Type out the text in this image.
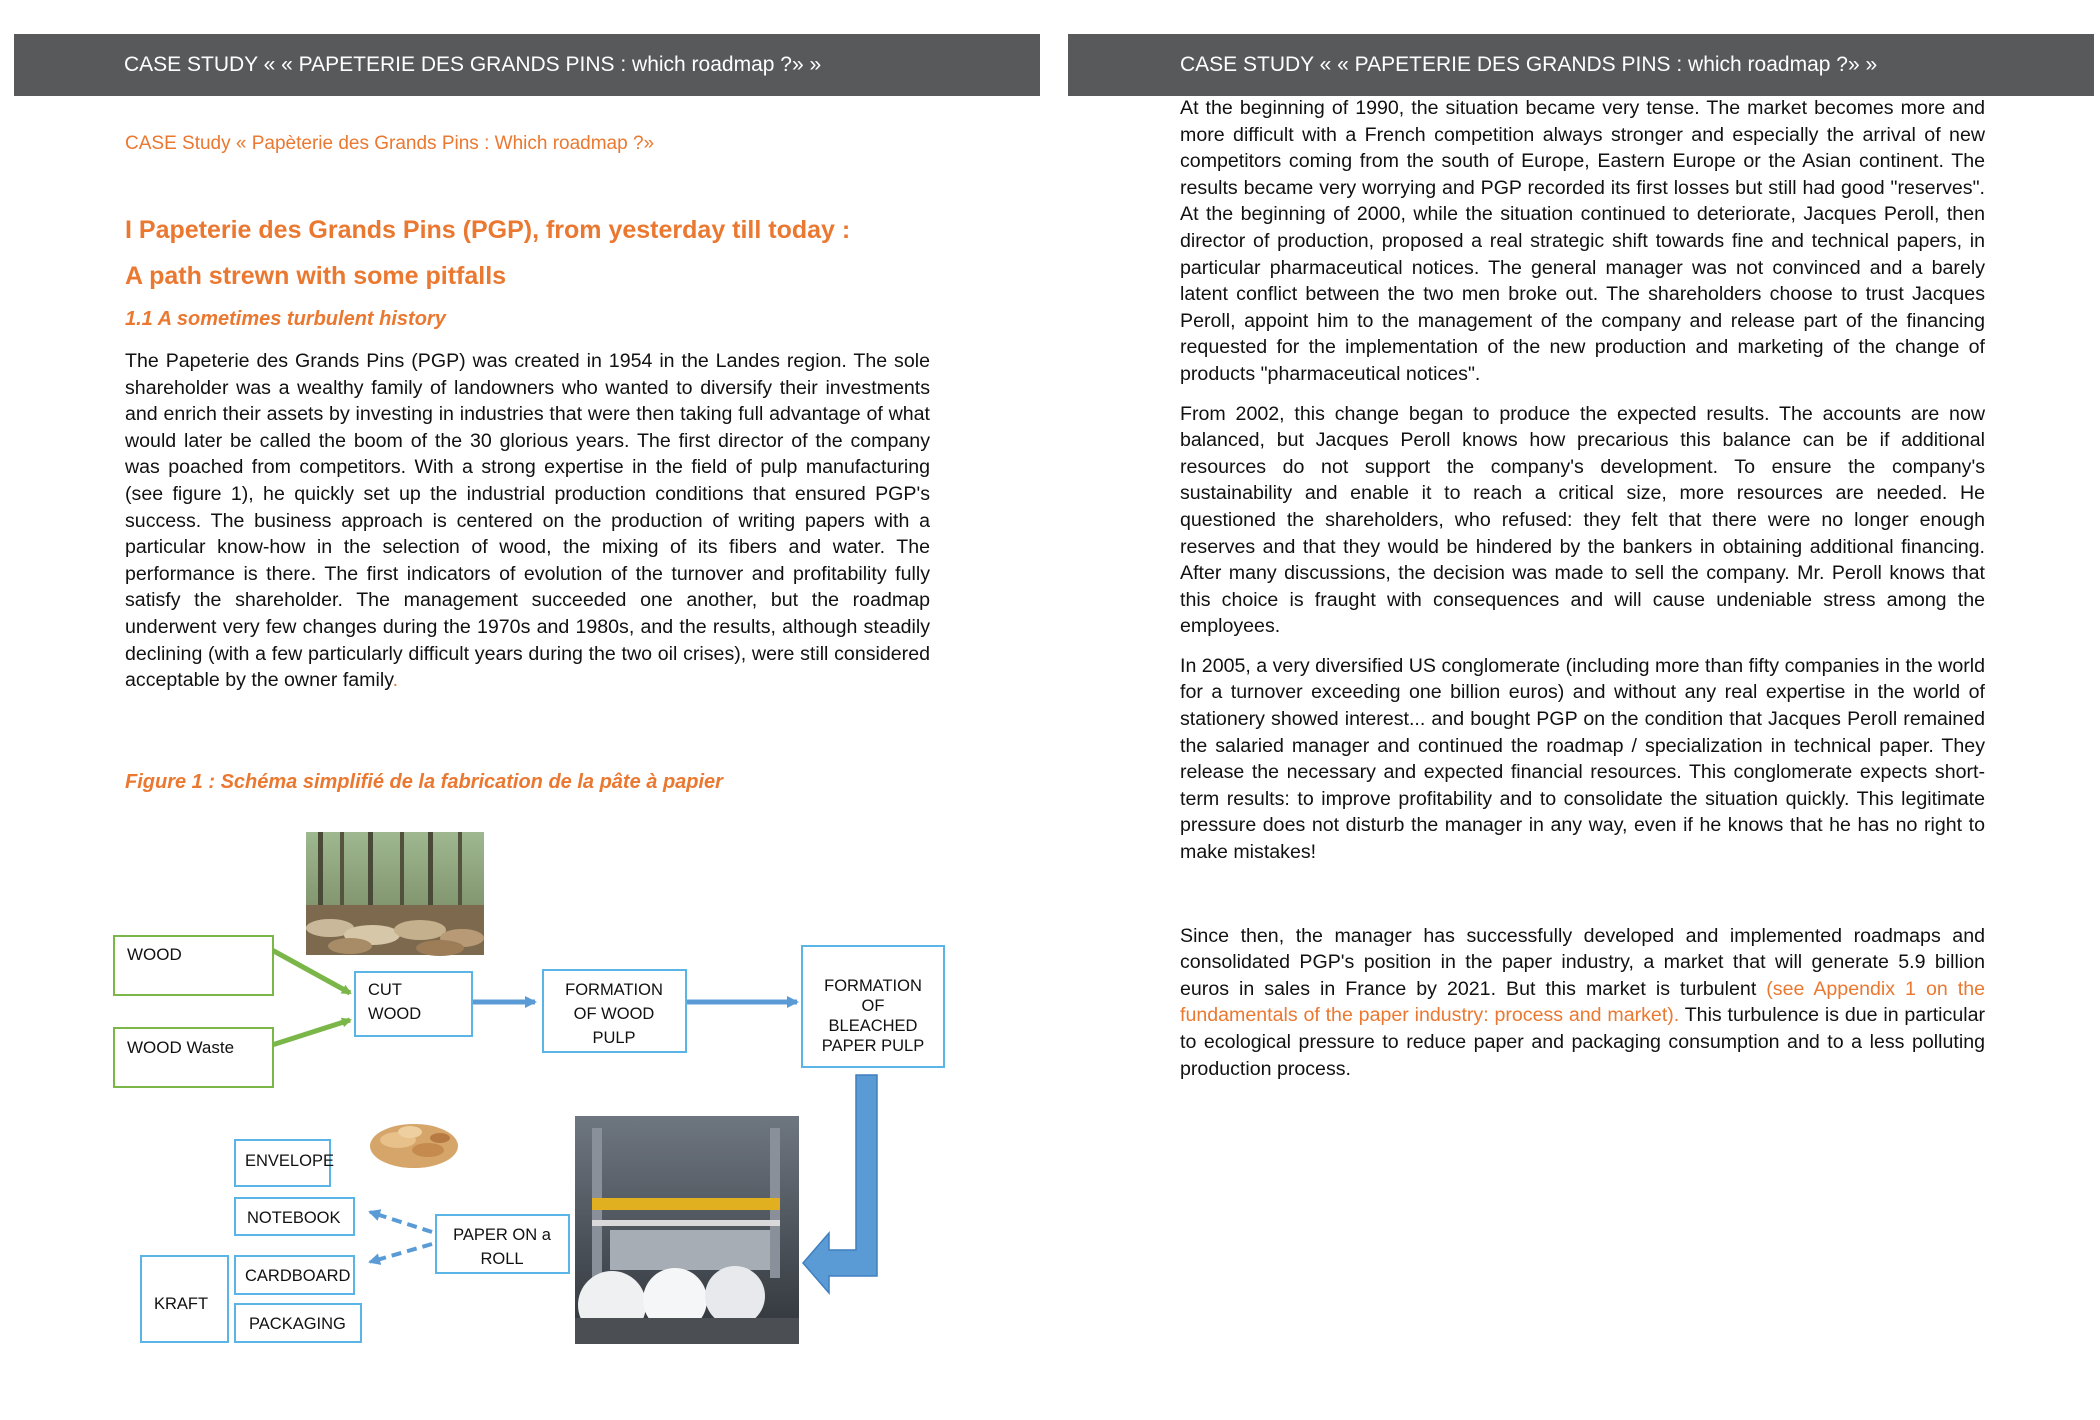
CASE STUDY « « PAPETERIE DES GRANDS PINS : which roadmap ?» »	CASE STUDY « « PAPETERIE DES GRANDS PINS : which roadmap ?» »
CASE Study « Papèterie des Grands Pins : Which roadmap ?»
I Papeterie des Grands Pins (PGP), from yesterday till today :
A path strewn with some pitfalls
1.1 A sometimes turbulent history

The Papeterie des Grands Pins (PGP) was created in 1954 in the Landes region. The sole shareholder was a wealthy family of landowners who wanted to diversify their investments and enrich their assets by investing in industries that were then taking full advantage of what would later be called the boom of the 30 glorious years. The first director of the company was poached from competitors. With a strong expertise in the field of pulp manufacturing (see figure 1), he quickly set up the industrial production conditions that ensured PGP's success. The business approach is centered on the production of writing papers with a particular know-how in the selection of wood, the mixing of its fibers and water. The performance is there. The first indicators of evolution of the turnover and profitability fully satisfy the shareholder. The management succeeded one another, but the roadmap underwent very few changes during the 1970s and 1980s, and the results, although steadily declining (with a few particularly difficult years during the two oil crises), were still considered acceptable by the owner family.

Figure 1 : Schéma simplifié de la fabrication de la pâte à papier
WOOD
WOOD Waste
CUT
WOOD
FORMATION
OF WOOD
PULP
FORMATION
OF
BLEACHED
PAPER PULP
PAPER ON a
ROLL
ENVELOPE
NOTEBOOK
KRAFT
CARDBOARD
PACKAGING

At the beginning of 1990, the situation became very tense. The market becomes more and more difficult with a French competition always stronger and especially the arrival of new competitors coming from the south of Europe, Eastern Europe or the Asian continent. The results became very worrying and PGP recorded its first losses but still had good "reserves". At the beginning of 2000, while the situation continued to deteriorate, Jacques Peroll, then director of production, proposed a real strategic shift towards fine and technical papers, in particular pharmaceutical notices. The general manager was not convinced and a barely latent conflict between the two men broke out. The shareholders choose to trust Jacques Peroll, appoint him to the management of the company and release part of the financing requested for the implementation of the new production and marketing of the change of products "pharmaceutical notices".

From 2002, this change began to produce the expected results. The accounts are now balanced, but Jacques Peroll knows how precarious this balance can be if additional resources do not support the company's development. To ensure the company's sustainability and enable it to reach a critical size, more resources are needed. He questioned the shareholders, who refused: they felt that there were no longer enough reserves and that they would be hindered by the bankers in obtaining additional financing. After many discussions, the decision was made to sell the company. Mr. Peroll knows that this choice is fraught with consequences and will cause undeniable stress among the employees.

In 2005, a very diversified US conglomerate (including more than fifty companies in the world for a turnover exceeding one billion euros) and without any real expertise in the world of stationery showed interest... and bought PGP on the condition that Jacques Peroll remained the salaried manager and continued the roadmap / specialization in technical paper. They release the necessary and expected financial resources. This conglomerate expects short-term results: to improve profitability and to consolidate the situation quickly. This legitimate pressure does not disturb the manager in any way, even if he knows that he has no right to make mistakes!

Since then, the manager has successfully developed and implemented roadmaps and consolidated PGP's position in the paper industry, a market that will generate 5.9 billion euros in sales in France by 2021. But this market is turbulent (see Appendix 1 on the fundamentals of the paper industry: process and market). This turbulence is due in particular to ecological pressure to reduce paper and packaging consumption and to a less polluting production process.
